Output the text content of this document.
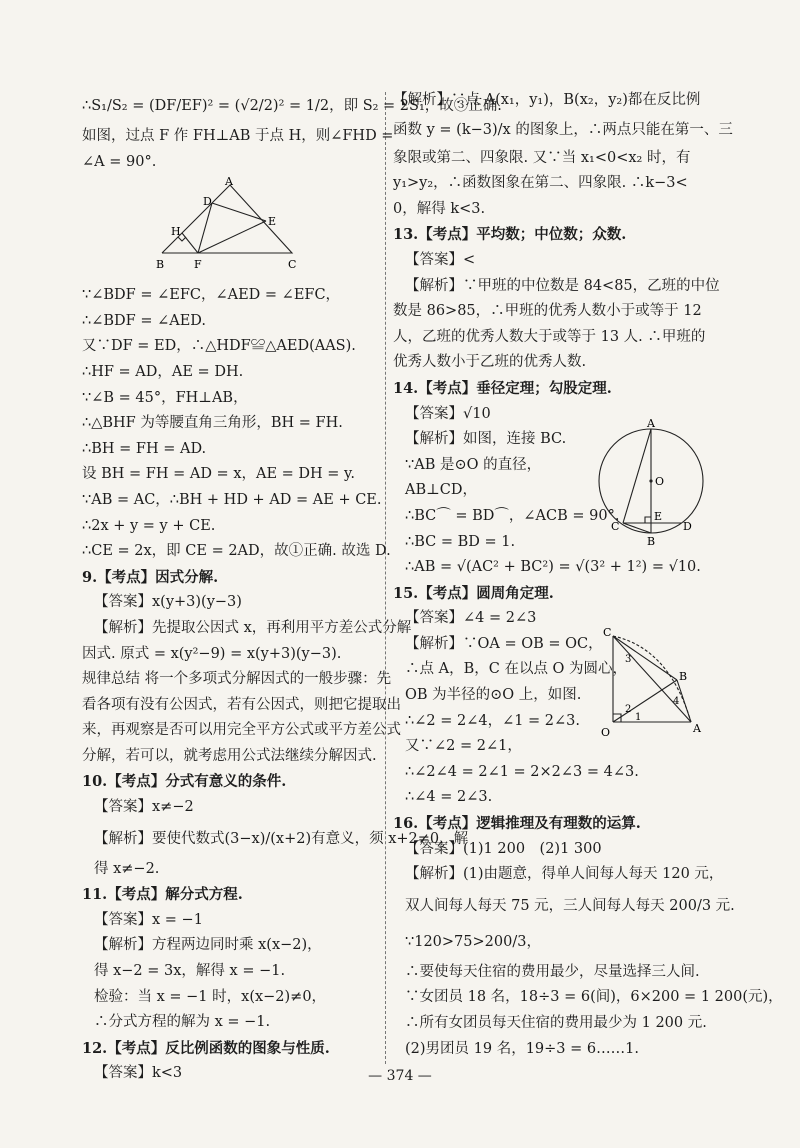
∴S₁/S₂ = (DF/EF)² = (√2/2)² = 1/2，即 S₂ = 2S₁，故③正确.
如图，过点 F 作 FH⊥AB 于点 H，则∠FHD =
∠A = 90°.
A
D
E
H
B	F	C
∵∠BDF = ∠EFC，∠AED = ∠EFC，
∴∠BDF = ∠AED.
又∵DF = ED，∴△HDF≌△AED(AAS).
∴HF = AD，AE = DH.
∵∠B = 45°，FH⊥AB，
∴△BHF 为等腰直角三角形，BH = FH.
∴BH = FH = AD.
设 BH = FH = AD = x，AE = DH = y.
∵AB = AC，∴BH + HD + AD = AE + CE.
∴2x + y = y + CE.
∴CE = 2x，即 CE = 2AD，故①正确. 故选 D.
9.【考点】因式分解.
【答案】x(y+3)(y−3)
【解析】先提取公因式 x，再利用平方差公式分解
因式. 原式 = x(y²−9) = x(y+3)(y−3).
规律总结 将一个多项式分解因式的一般步骤：先
看各项有没有公因式，若有公因式，则把它提取出
来，再观察是否可以用完全平方公式或平方差公式
分解，若可以，就考虑用公式法继续分解因式.
10.【考点】分式有意义的条件.
【答案】x≠−2
【解析】要使代数式(3−x)/(x+2)有意义，须 x+2≠0，解
得 x≠−2.
11.【考点】解分式方程.
【答案】x = −1
【解析】方程两边同时乘 x(x−2)，
得 x−2 = 3x，解得 x = −1.
检验：当 x = −1 时，x(x−2)≠0，
∴分式方程的解为 x = −1.
12.【考点】反比例函数的图象与性质.
【答案】k<3
【解析】∵点 A(x₁，y₁)，B(x₂，y₂)都在反比例
函数 y = (k−3)/x 的图象上，∴两点只能在第一、三
象限或第二、四象限. 又∵当 x₁<0<x₂ 时，有
y₁>y₂，∴函数图象在第二、四象限. ∴k−3<
0，解得 k<3.
13.【考点】平均数；中位数；众数.
【答案】<
【解析】∵甲班的中位数是 84<85，乙班的中位
数是 86>85，∴甲班的优秀人数小于或等于 12
人，乙班的优秀人数大于或等于 13 人. ∴甲班的
优秀人数小于乙班的优秀人数.
14.【考点】垂径定理；勾股定理.
【答案】√10
【解析】如图，连接 BC.
∵AB 是⊙O 的直径，
AB⊥CD，
∴BC⌒ = BD⌒，∠ACB = 90°.
∴BC = BD = 1.
A
O
B
E
C	D
∴AB = √(AC² + BC²) = √(3² + 1²) = √10.
15.【考点】圆周角定理.
【答案】∠4 = 2∠3
【解析】∵OA = OB = OC，
∴点 A，B，C 在以点 O 为圆心，
OB 为半径的⊙O 上，如图.
∴∠2 = 2∠4，∠1 = 2∠3.
又∵∠2 = 2∠1，
∴∠2∠4 = 2∠1 = 2×2∠3 = 4∠3.
∴∠4 = 2∠3.
C
3
B
4
2
1
O	A
16.【考点】逻辑推理及有理数的运算.
【答案】(1)1 200　(2)1 300
【解析】(1)由题意，得单人间每人每天 120 元，
双人间每人每天 75 元，三人间每人每天 200/3 元.
∵120>75>200/3，
∴要使每天住宿的费用最少，尽量选择三人间.
∵女团员 18 名，18÷3 = 6(间)，6×200 = 1 200(元)，
∴所有女团员每天住宿的费用最少为 1 200 元.
(2)男团员 19 名，19÷3 = 6……1.
— 374 —
